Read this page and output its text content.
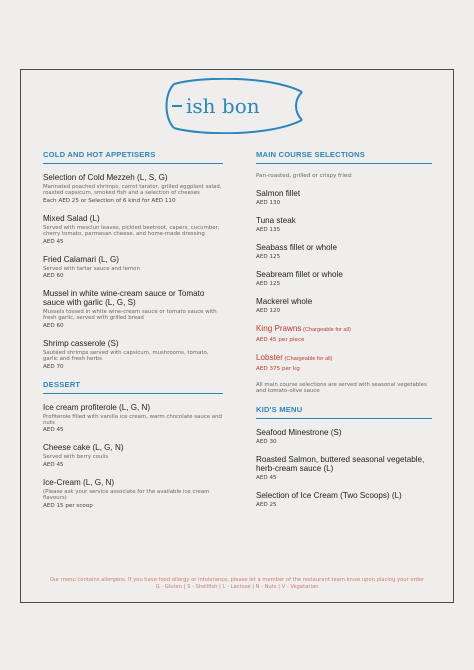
ish bon
COLD AND HOT APPETISERS
Selection of Cold Mezzeh (L, S, G)
Marinated poached shrimps, carrot tarator, grilled eggplant salad, roasted capsicum, smoked fish and a selection of cheeses
Each AED 25 or Selection of 6 kind for AED 110
Mixed Salad (L)
Served with mesclun leaves, pickled beetroot, capers, cucumber, cherry tomato, parmesan cheese, and home-made dressing
AED 45
Fried Calamari (L, G)
Served with tartar sauce and lemon
AED 60
Mussel in white wine-cream sauce or Tomato sauce with garlic (L, G, S)
Mussels tossed in white wine-cream sauce or tomato sauce with fresh garlic, served with grilled bread
AED 60
Shrimp casserole (S)
Sautéed shrimps served with capsicum, mushrooms, tomato, garlic and fresh herbs
AED 70
DESSERT
Ice cream profiterole (L, G, N)
Profiterole filled with vanilla ice cream, warm chocolate sauce and nuts
AED 45
Cheese cake (L, G, N)
Served with berry coulis
AED 45
Ice-Cream (L, G, N)
(Please ask your service associate for the available ice cream flavours)
AED 15 per scoop
MAIN COURSE SELECTIONS
Pan-roasted, grilled or crispy fried:
Salmon fillet
AED 130
Tuna steak
AED 135
Seabass fillet or whole
AED 125
Seabream fillet or whole
AED 125
Mackerel whole
AED 120
King Prawns (Chargeable for all)
AED 45 per piece
Lobster (Chargeable for all)
AED 375 per kg
All main course selections are served with seasonal vegetables and tomato-olive sauce
KID'S MENU
Seafood Minestrone (S)
AED 30
Roasted Salmon, buttered seasonal vegetable, herb-cream sauce (L)
AED 45
Selection of Ice Cream (Two Scoops) (L)
AED 25
Our menu contains allergens. If you have food allergy or intolerance, please let a member of the restaurant team know upon placing your order
G - Gluten | S - Shellfish | L - Lactose | N - Nuts | V - Vegetarian
